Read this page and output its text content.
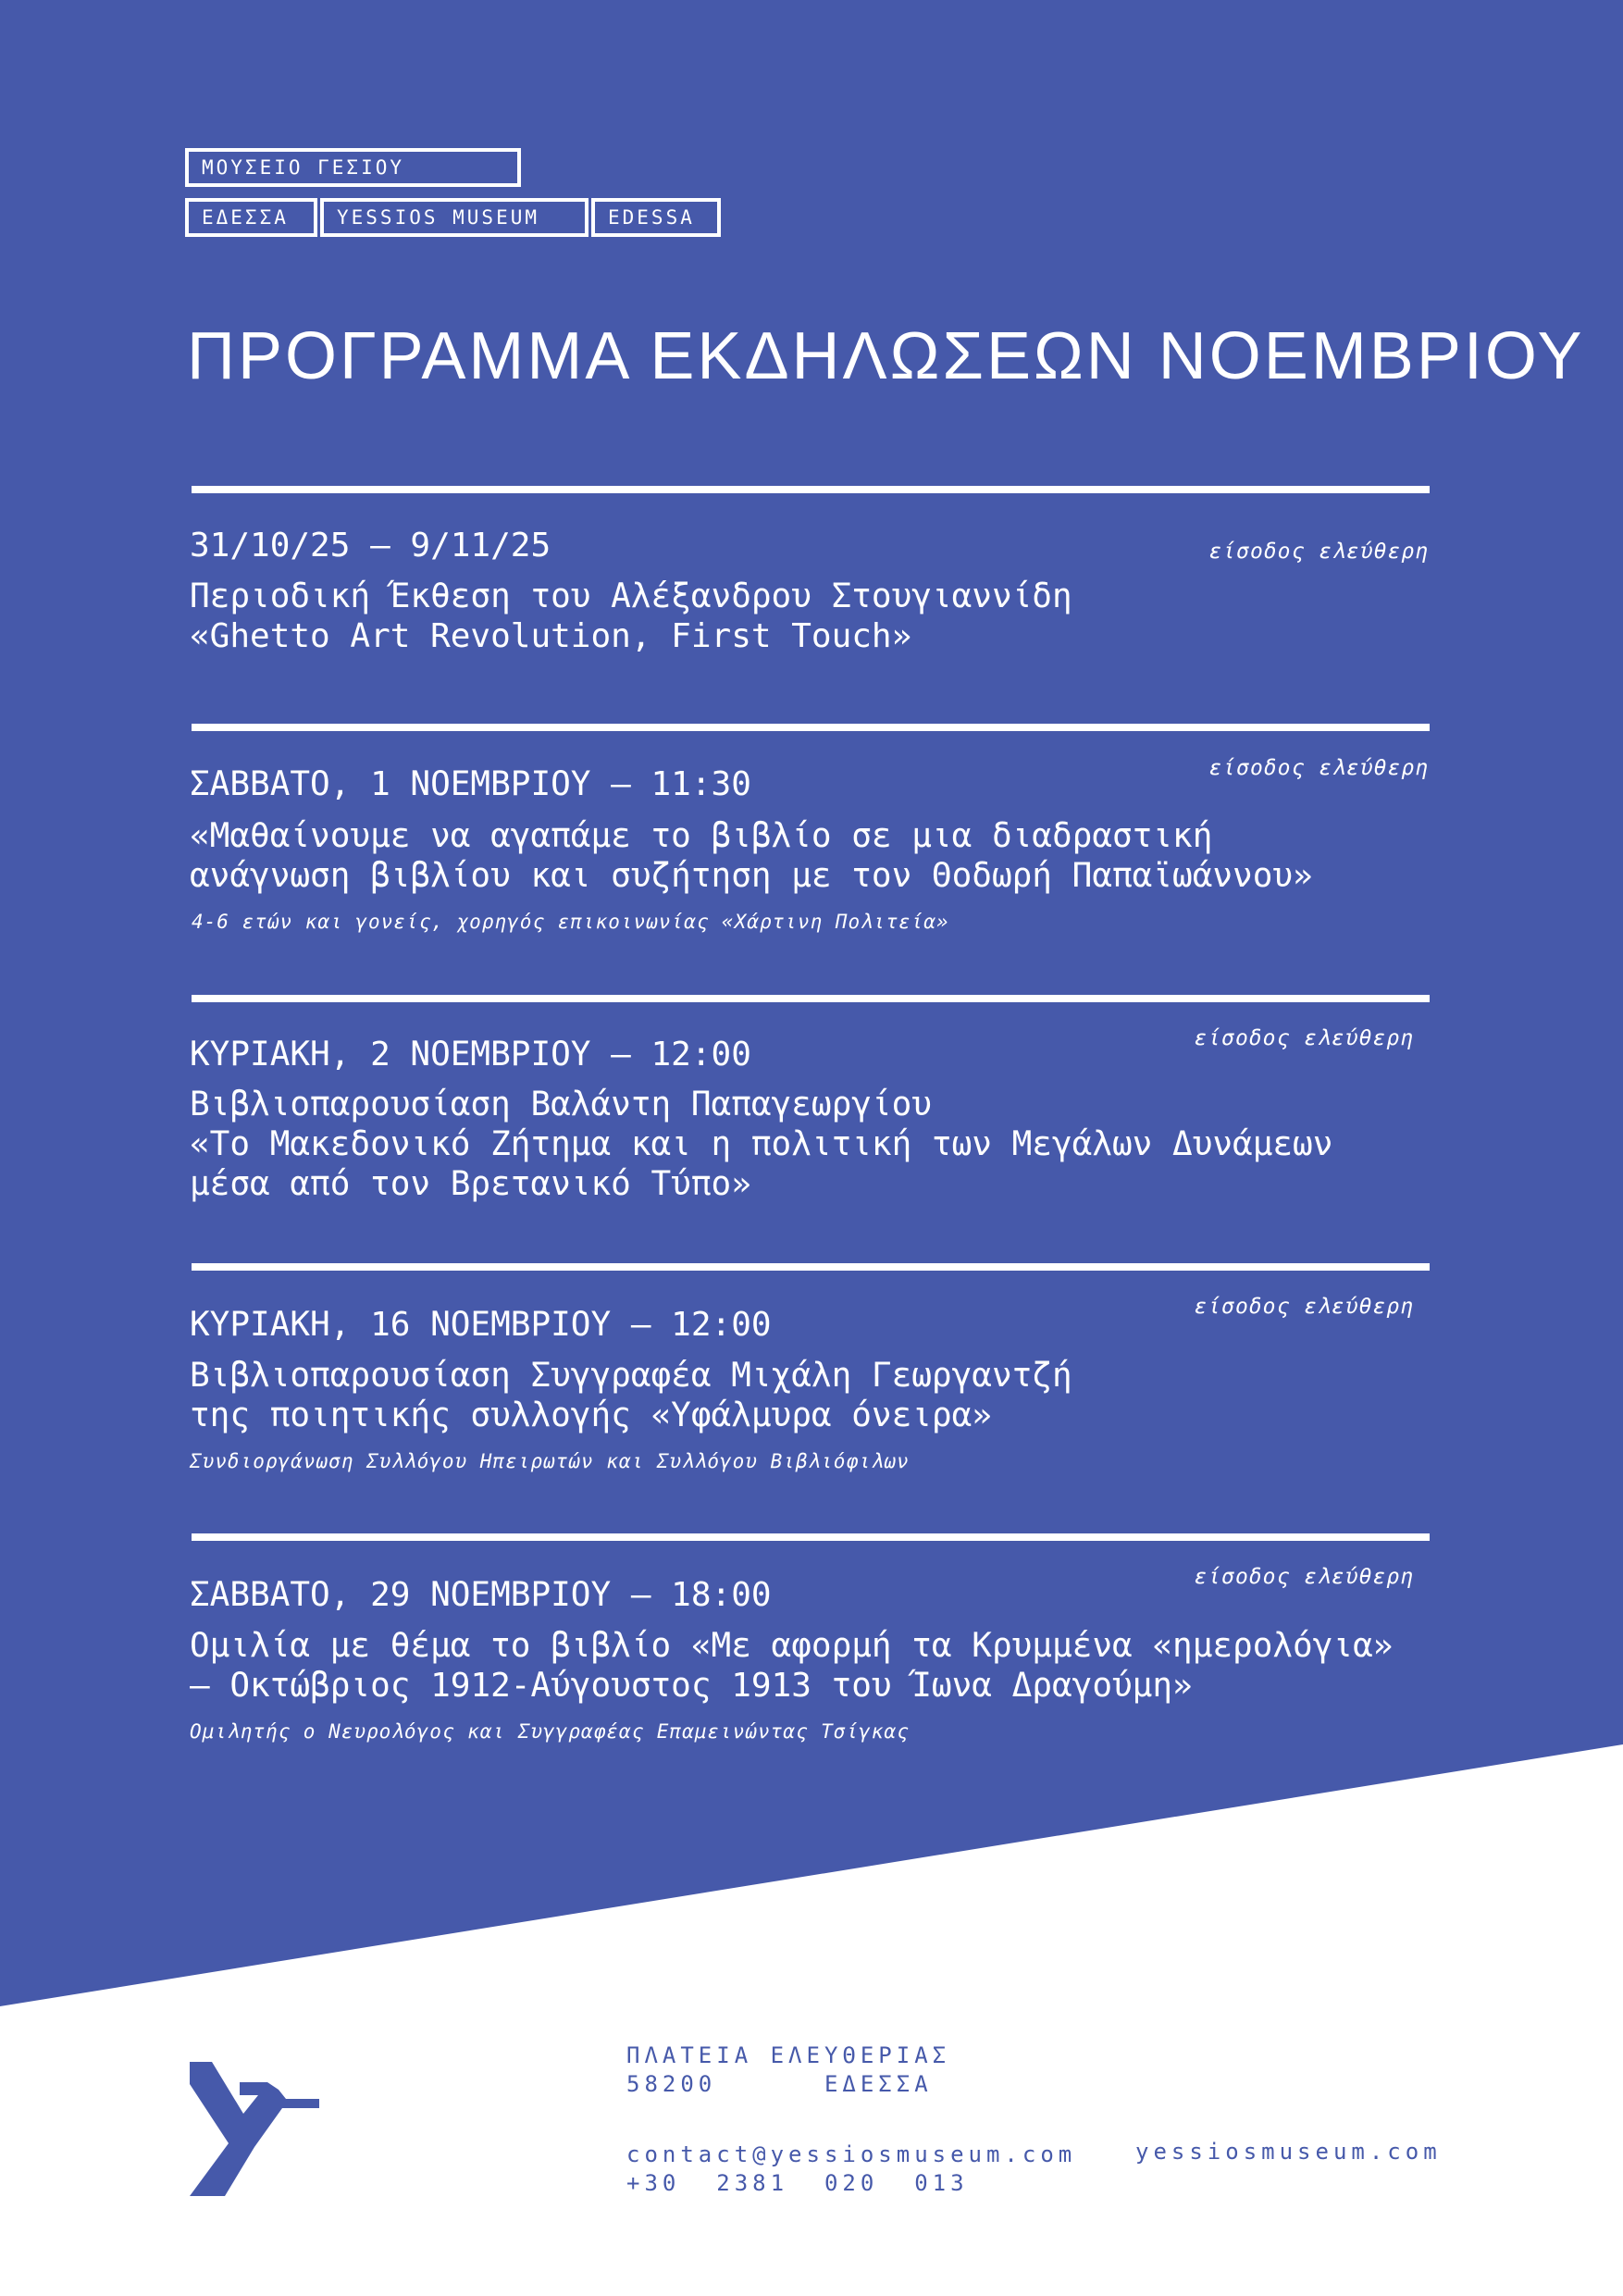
ΜΟΥΣΕΙΟ ΓΕΣΙΟΥ
ΕΔΕΣΣΑ	YESSIOS MUSEUM	EDESSA
ΠΡΟΓΡΑΜΜΑ ΕΚΔΗΛΩΣΕΩΝ ΝΟΕΜΒΡΙΟΥ
31/10/25 — 9/11/25	είσοδος ελεύθερη
Περιοδική Έκθεση του Αλέξανδρου Στουγιαννίδη
«Ghetto Art Revolution, First Touch»
ΣΑΒΒΑΤΟ, 1 ΝΟΕΜΒΡΙΟΥ — 11:30	είσοδος ελεύθερη
«Μαθαίνουμε να αγαπάμε το βιβλίο σε μια διαδραστική
ανάγνωση βιβλίου και συζήτηση με τον Θοδωρή Παπαϊωάννου»
4-6 ετών και γονείς, χορηγός επικοινωνίας «Χάρτινη Πολιτεία»
ΚΥΡΙΑΚΗ, 2 ΝΟΕΜΒΡΙΟΥ — 12:00	είσοδος ελεύθερη
Βιβλιοπαρουσίαση Βαλάντη Παπαγεωργίου
«Το Μακεδονικό Ζήτημα και η πολιτική των Μεγάλων Δυνάμεων
μέσα από τον Βρετανικό Τύπο»
ΚΥΡΙΑΚΗ, 16 ΝΟΕΜΒΡΙΟΥ — 12:00	είσοδος ελεύθερη
Βιβλιοπαρουσίαση Συγγραφέα Μιχάλη Γεωργαντζή
της ποιητικής συλλογής «Υφάλμυρα όνειρα»
Συνδιοργάνωση Συλλόγου Ηπειρωτών και Συλλόγου Βιβλιόφιλων
ΣΑΒΒΑΤΟ, 29 ΝΟΕΜΒΡΙΟΥ — 18:00	είσοδος ελεύθερη
Ομιλία με θέμα το βιβλίο «Με αφορμή τα Κρυμμένα «ημερολόγια»
— Οκτώβριος 1912-Αύγουστος 1913 του Ίωνα Δραγούμη»
Ομιλητής ο Νευρολόγος και Συγγραφέας Επαμεινώντας Τσίγκας
ΠΛΑΤΕΙΑ ΕΛΕΥΘΕΡΙΑΣ
58200      ΕΔΕΣΣΑ
contact@yessiosmuseum.com
+30  2381  020  013
yessiosmuseum.com
